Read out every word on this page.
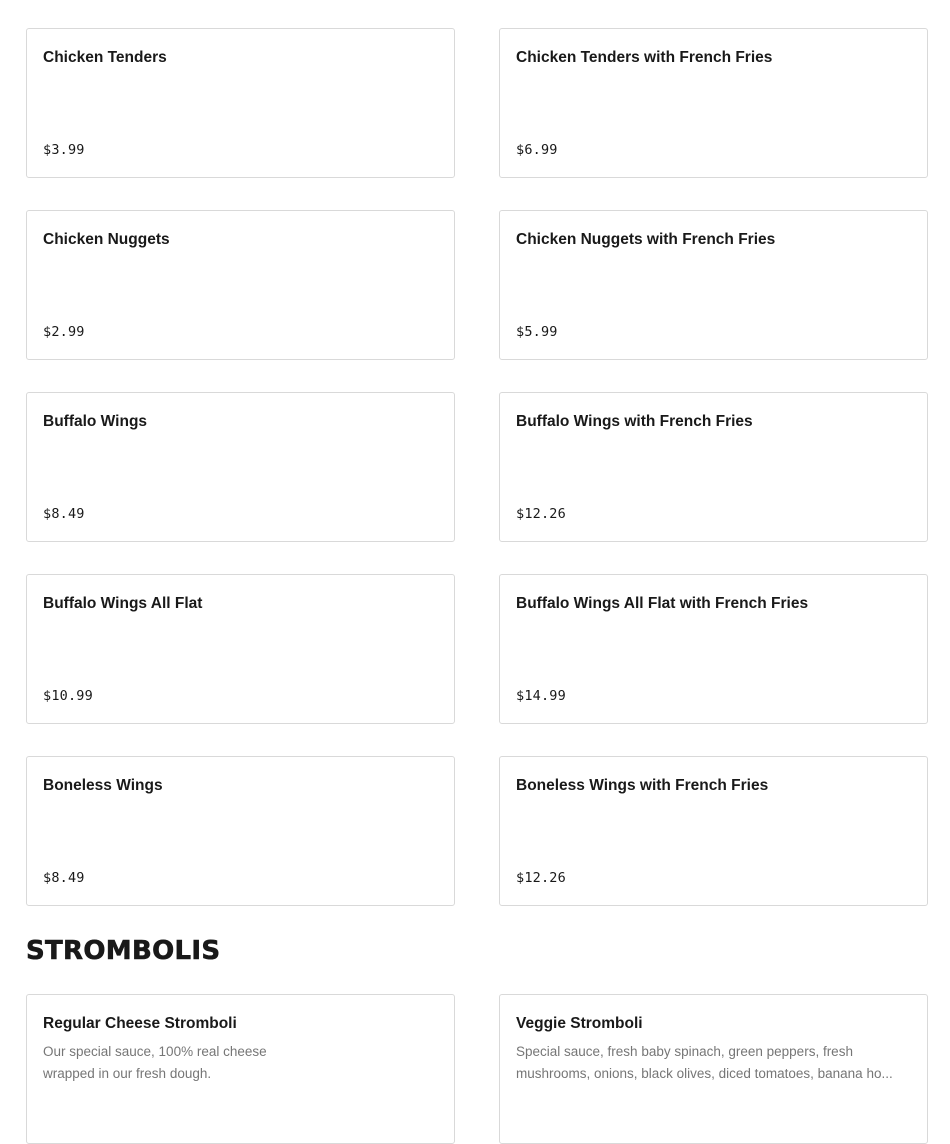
Chicken Tenders
$3.99
Chicken Tenders with French Fries
$6.99
Chicken Nuggets
$2.99
Chicken Nuggets with French Fries
$5.99
Buffalo Wings
$8.49
Buffalo Wings with French Fries
$12.26
Buffalo Wings All Flat
$10.99
Buffalo Wings All Flat with French Fries
$14.99
Boneless Wings
$8.49
Boneless Wings with French Fries
$12.26
STROMBOLIS
Regular Cheese Stromboli
Our special sauce, 100% real cheese wrapped in our fresh dough.
Veggie Stromboli
Special sauce, fresh baby spinach, green peppers, fresh mushrooms, onions, black olives, diced tomatoes, banana ho...
